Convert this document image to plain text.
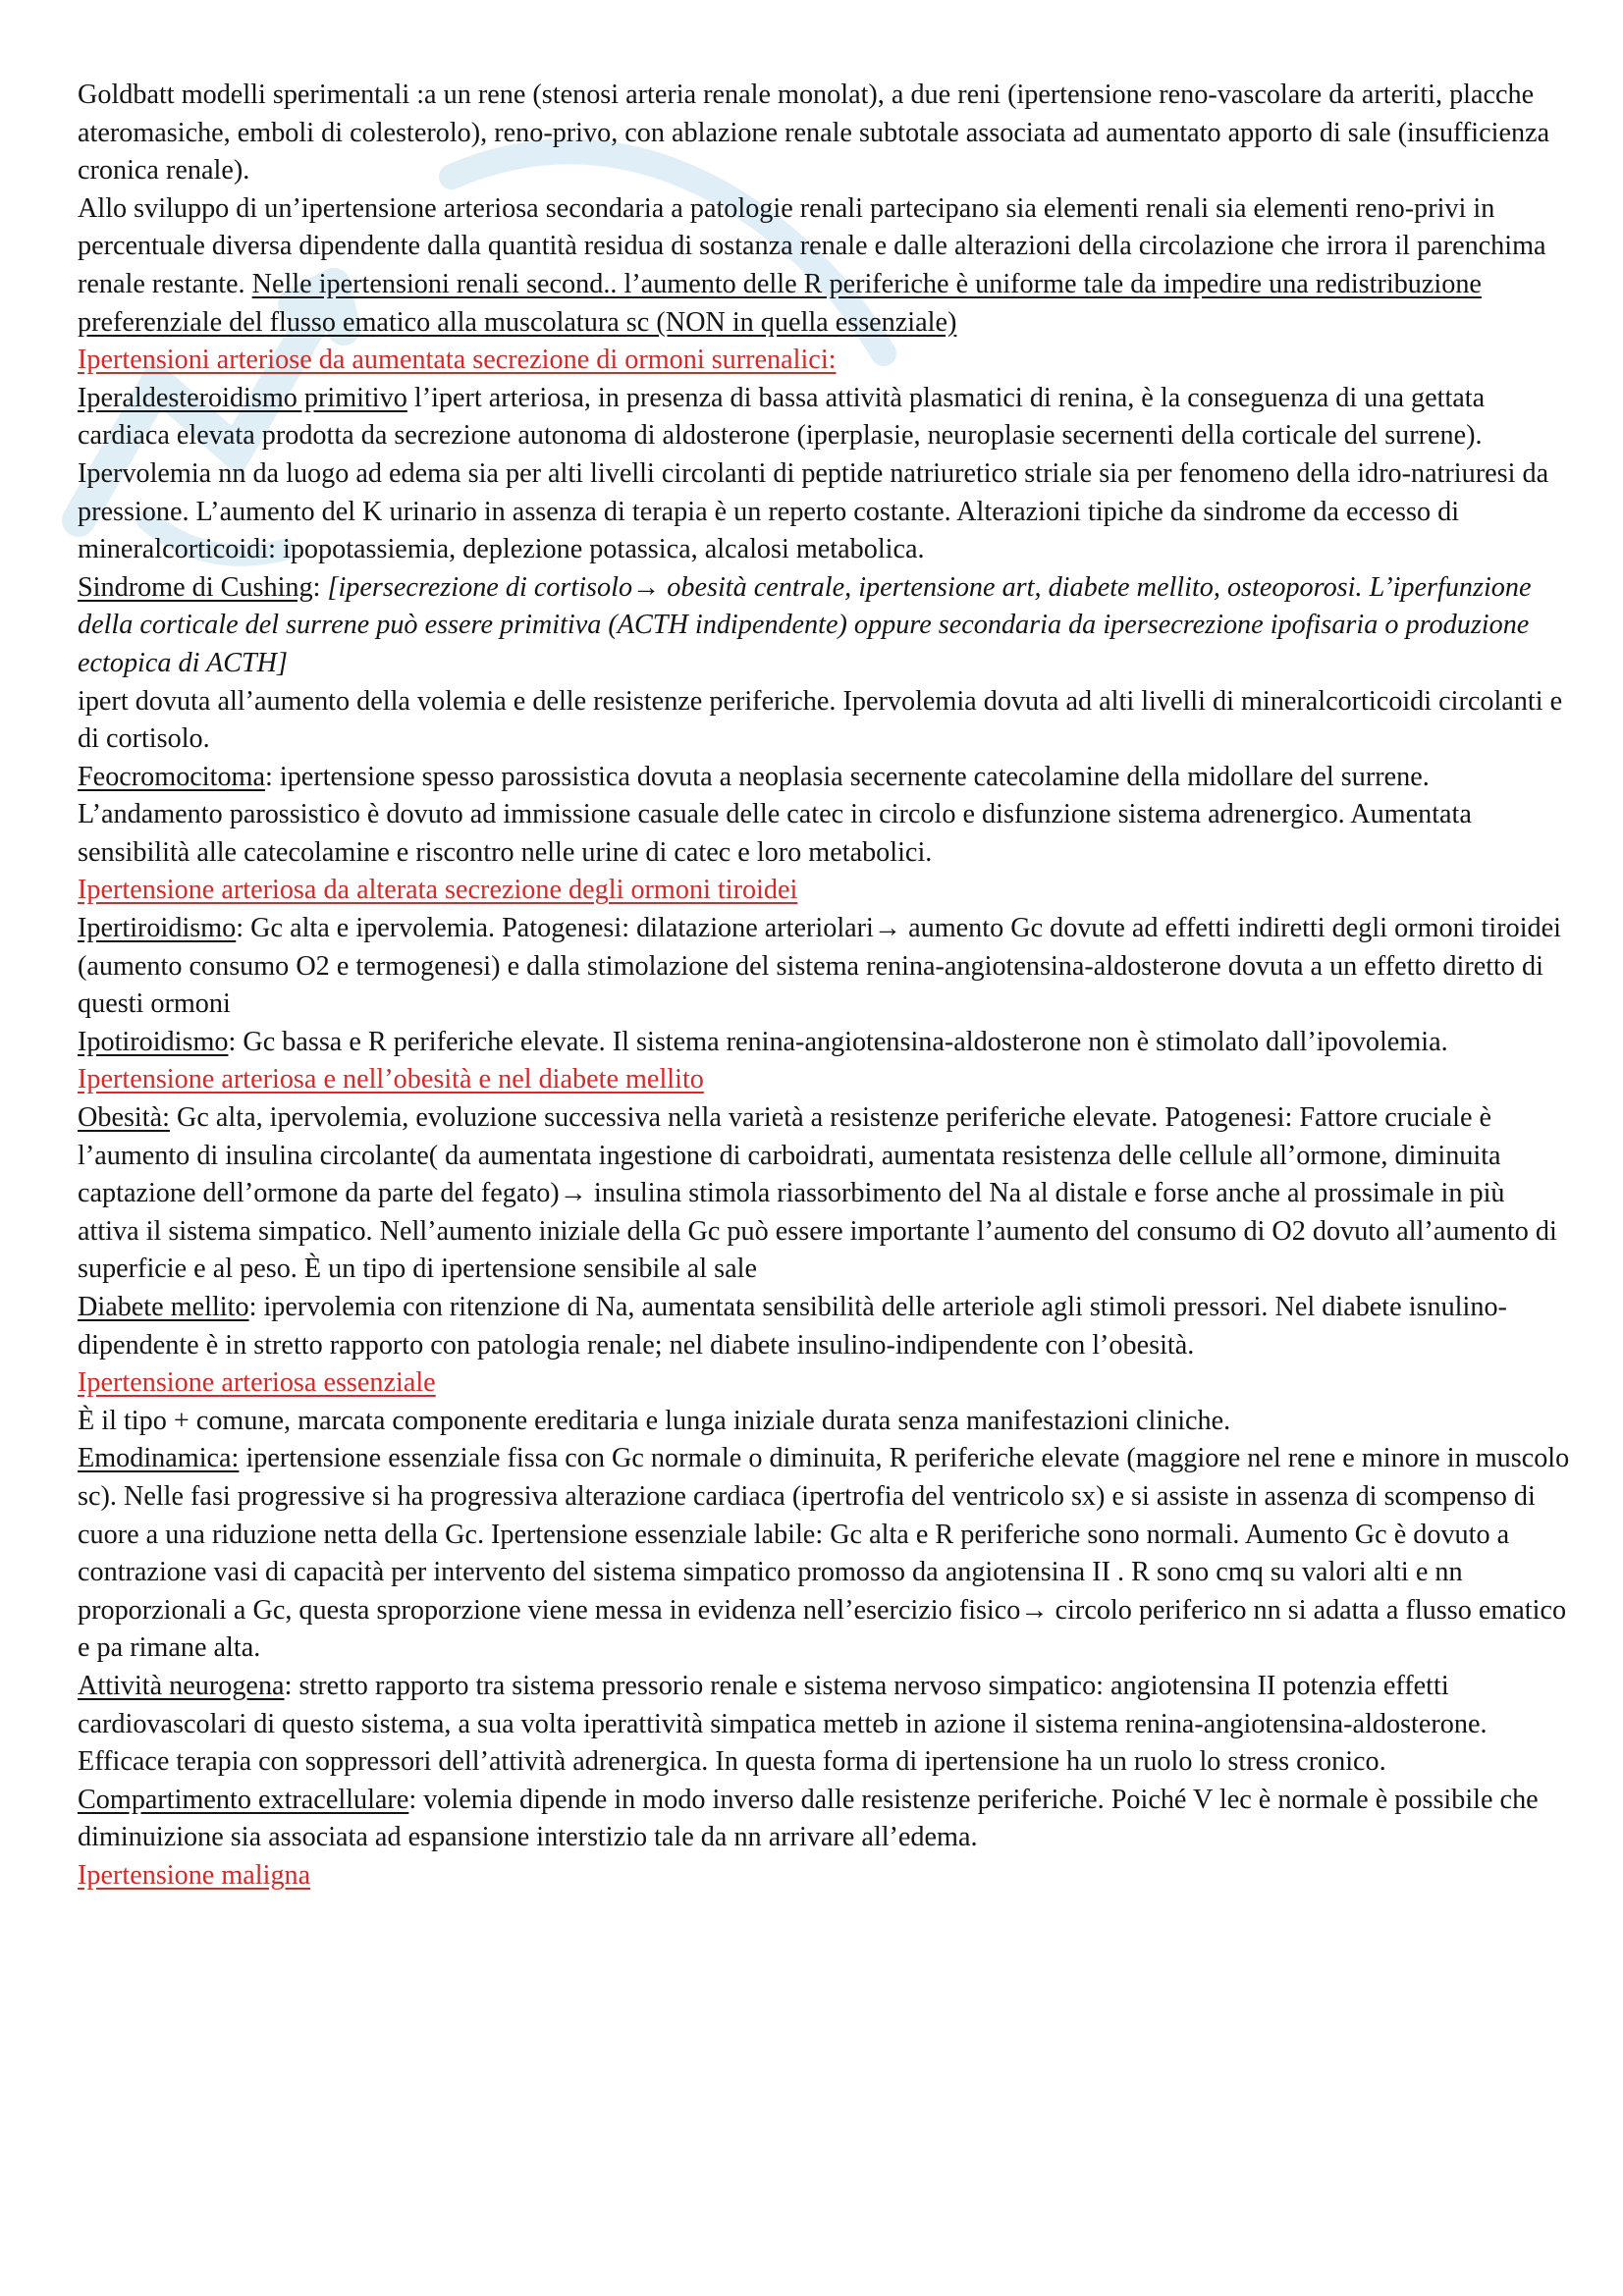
Goldbatt modelli sperimentali :a un rene (stenosi arteria renale monolat), a due reni (ipertensione reno-vascolare da arteriti, placche ateromasiche, emboli di colesterolo), reno-privo, con ablazione renale subtotale associata ad aumentato apporto di sale (insufficienza cronica renale).

Allo sviluppo di un’ipertensione arteriosa secondaria a patologie renali partecipano sia elementi renali sia elementi reno-privi in percentuale diversa dipendente dalla quantità residua di sostanza renale e dalle alterazioni della circolazione che irrora il parenchima renale restante. Nelle ipertensioni renali second.. l’aumento delle R periferiche è uniforme tale da impedire una redistribuzione preferenziale del flusso ematico alla muscolatura sc (NON in quella essenziale)

Ipertensioni arteriose da aumentata secrezione di ormoni surrenalici:

Iperaldesteroidismo primitivo l’ipert arteriosa, in presenza di bassa attività plasmatici di renina, è la conseguenza di una gettata cardiaca elevata prodotta da secrezione autonoma di aldosterone (iperplasie, neuroplasie secernenti della corticale del surrene). Ipervolemia nn da luogo ad edema sia per alti livelli circolanti di peptide natriuretico striale sia per fenomeno della idro-natriuresi da pressione. L’aumento del K urinario in assenza di terapia è un reperto costante. Alterazioni tipiche da sindrome da eccesso di mineralcorticoidi: ipopotassiemia, deplezione potassica, alcalosi metabolica.

Sindrome di Cushing: [ipersecrezione di cortisolo→ obesità centrale, ipertensione art, diabete mellito, osteoporosi. L’iperfunzione della corticale del surrene può essere primitiva (ACTH indipendente) oppure secondaria da ipersecrezione ipofisaria o produzione ectopica di ACTH]

ipert dovuta all’aumento della volemia e delle resistenze periferiche. Ipervolemia dovuta ad alti livelli di mineralcorticoidi circolanti e di cortisolo.

Feocromocitoma: ipertensione spesso parossistica dovuta a neoplasia secernente catecolamine della midollare del surrene. L’andamento parossistico è dovuto ad immissione casuale delle catec in circolo e disfunzione sistema adrenergico. Aumentata sensibilità alle catecolamine e riscontro nelle urine di catec e loro metabolici.

Ipertensione arteriosa da alterata secrezione degli ormoni tiroidei

Ipertiroidismo: Gc alta e ipervolemia. Patogenesi: dilatazione arteriolari→ aumento Gc dovute ad effetti indiretti degli ormoni tiroidei (aumento consumo O2 e termogenesi) e dalla stimolazione del sistema renina-angiotensina-aldosterone dovuta a un effetto diretto di questi ormoni

Ipotiroidismo: Gc bassa e R periferiche elevate. Il sistema renina-angiotensina-aldosterone non è stimolato dall’ipovolemia.

Ipertensione arteriosa e nell’obesità e nel diabete mellito

Obesità: Gc alta, ipervolemia, evoluzione successiva nella varietà a resistenze periferiche elevate. Patogenesi: Fattore cruciale è l’aumento di insulina circolante( da aumentata ingestione di carboidrati, aumentata resistenza delle cellule all’ormone, diminuita captazione dell’ormone da parte del fegato)→ insulina stimola riassorbimento del Na al distale e forse anche al prossimale in più attiva il sistema simpatico. Nell’aumento iniziale della Gc può essere importante l’aumento del consumo di O2 dovuto all’aumento di superficie e al peso. È un tipo di ipertensione sensibile al sale

Diabete mellito: ipervolemia con ritenzione di Na, aumentata sensibilità delle arteriole agli stimoli pressori. Nel diabete isnulino-dipendente è in stretto rapporto con patologia renale; nel diabete insulino-indipendente con l’obesità.

Ipertensione arteriosa essenziale

È il tipo + comune, marcata componente ereditaria e lunga iniziale durata senza manifestazioni cliniche.

Emodinamica: ipertensione essenziale fissa con Gc normale o diminuita, R periferiche elevate (maggiore nel rene e minore in muscolo sc). Nelle fasi progressive si ha progressiva alterazione cardiaca (ipertrofia del ventricolo sx) e si assiste in assenza di scompenso di cuore a una riduzione netta della Gc. Ipertensione essenziale labile: Gc alta e R periferiche sono normali. Aumento Gc è dovuto a contrazione vasi di capacità per intervento del sistema simpatico promosso da angiotensina II . R sono cmq su valori alti e nn proporzionali a Gc, questa sproporzione viene messa in evidenza nell’esercizio fisico→ circolo periferico nn si adatta a flusso ematico e pa rimane alta.

Attività neurogena: stretto rapporto tra sistema pressorio renale e sistema nervoso simpatico: angiotensina II potenzia effetti cardiovascolari di questo sistema, a sua volta iperattività simpatica metteb in azione il sistema renina-angiotensina-aldosterone. Efficace terapia con soppressori dell’attività adrenergica. In questa forma di ipertensione ha un ruolo lo stress cronico.

Compartimento extracellulare: volemia dipende in modo inverso dalle resistenze periferiche. Poiché V lec è normale è possibile che diminuizione sia associata ad espansione interstizio tale da nn arrivare all’edema.

Ipertensione maligna
